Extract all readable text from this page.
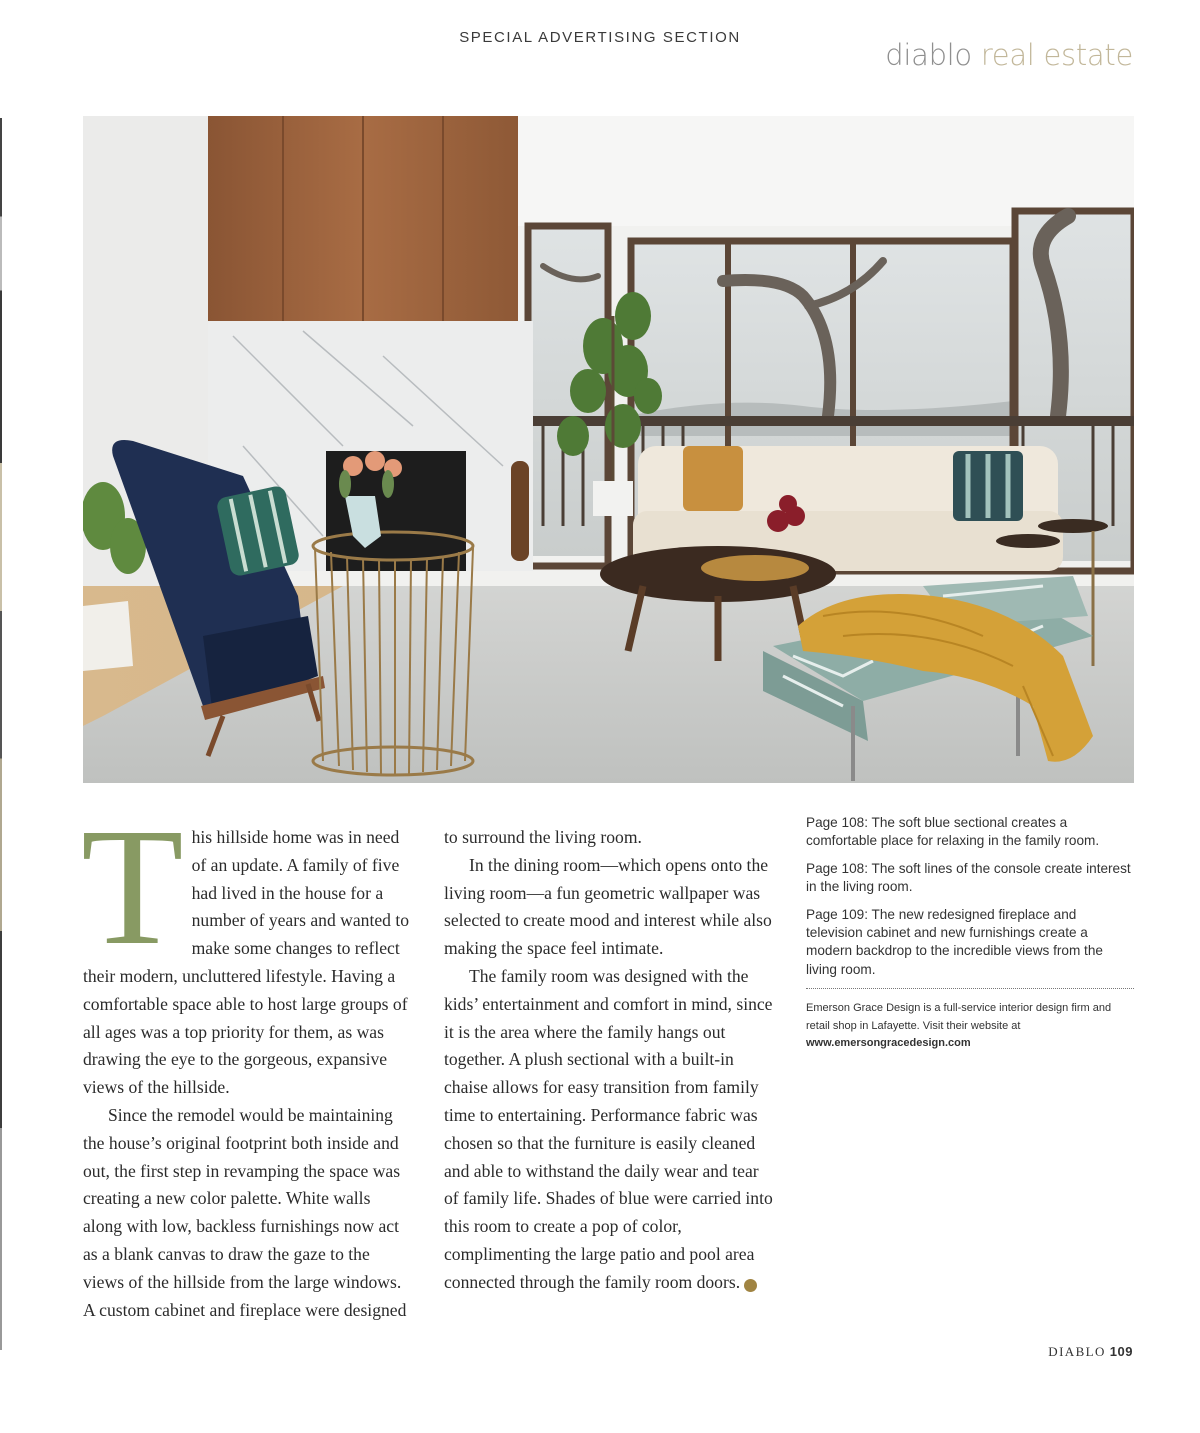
SPECIAL ADVERTISING SECTION
diablo real estate

This hillside home was in need of an update. A family of five had lived in the house for a number of years and wanted to make some changes to reflect their modern, uncluttered lifestyle. Having a comfortable space able to host large groups of all ages was a top priority for them, as was drawing the eye to the gorgeous, expansive views of the hillside.

Since the remodel would be maintaining the house’s original footprint both inside and out, the first step in revamping the space was creating a new color palette. White walls along with low, backless furnishings now act as a blank canvas to draw the gaze to the views of the hillside from the large windows. A custom cabinet and fireplace were designed

to surround the living room.

In the dining room—which opens onto the living room—a fun geometric wallpaper was selected to create mood and interest while also making the space feel intimate.

The family room was designed with the kids’ entertainment and comfort in mind, since it is the area where the family hangs out together. A plush sectional with a built-in chaise allows for easy transition from family time to entertaining. Performance fabric was chosen so that the furniture is easily cleaned and able to withstand the daily wear and tear of family life. Shades of blue were carried into this room to create a pop of color, complimenting the large patio and pool area connected through the family room doors.	d

Page 108: The soft blue sectional creates a comfortable place for relaxing in the family room.

Page 108: The soft lines of the console create interest in the living room.

Page 109: The new redesigned fireplace and television cabinet and new furnishings create a modern backdrop to the incredible views from the living room.

Emerson Grace Design is a full-service interior design firm and retail shop in Lafayette. Visit their website at www.emersongracedesign.com
DIABLO 109
